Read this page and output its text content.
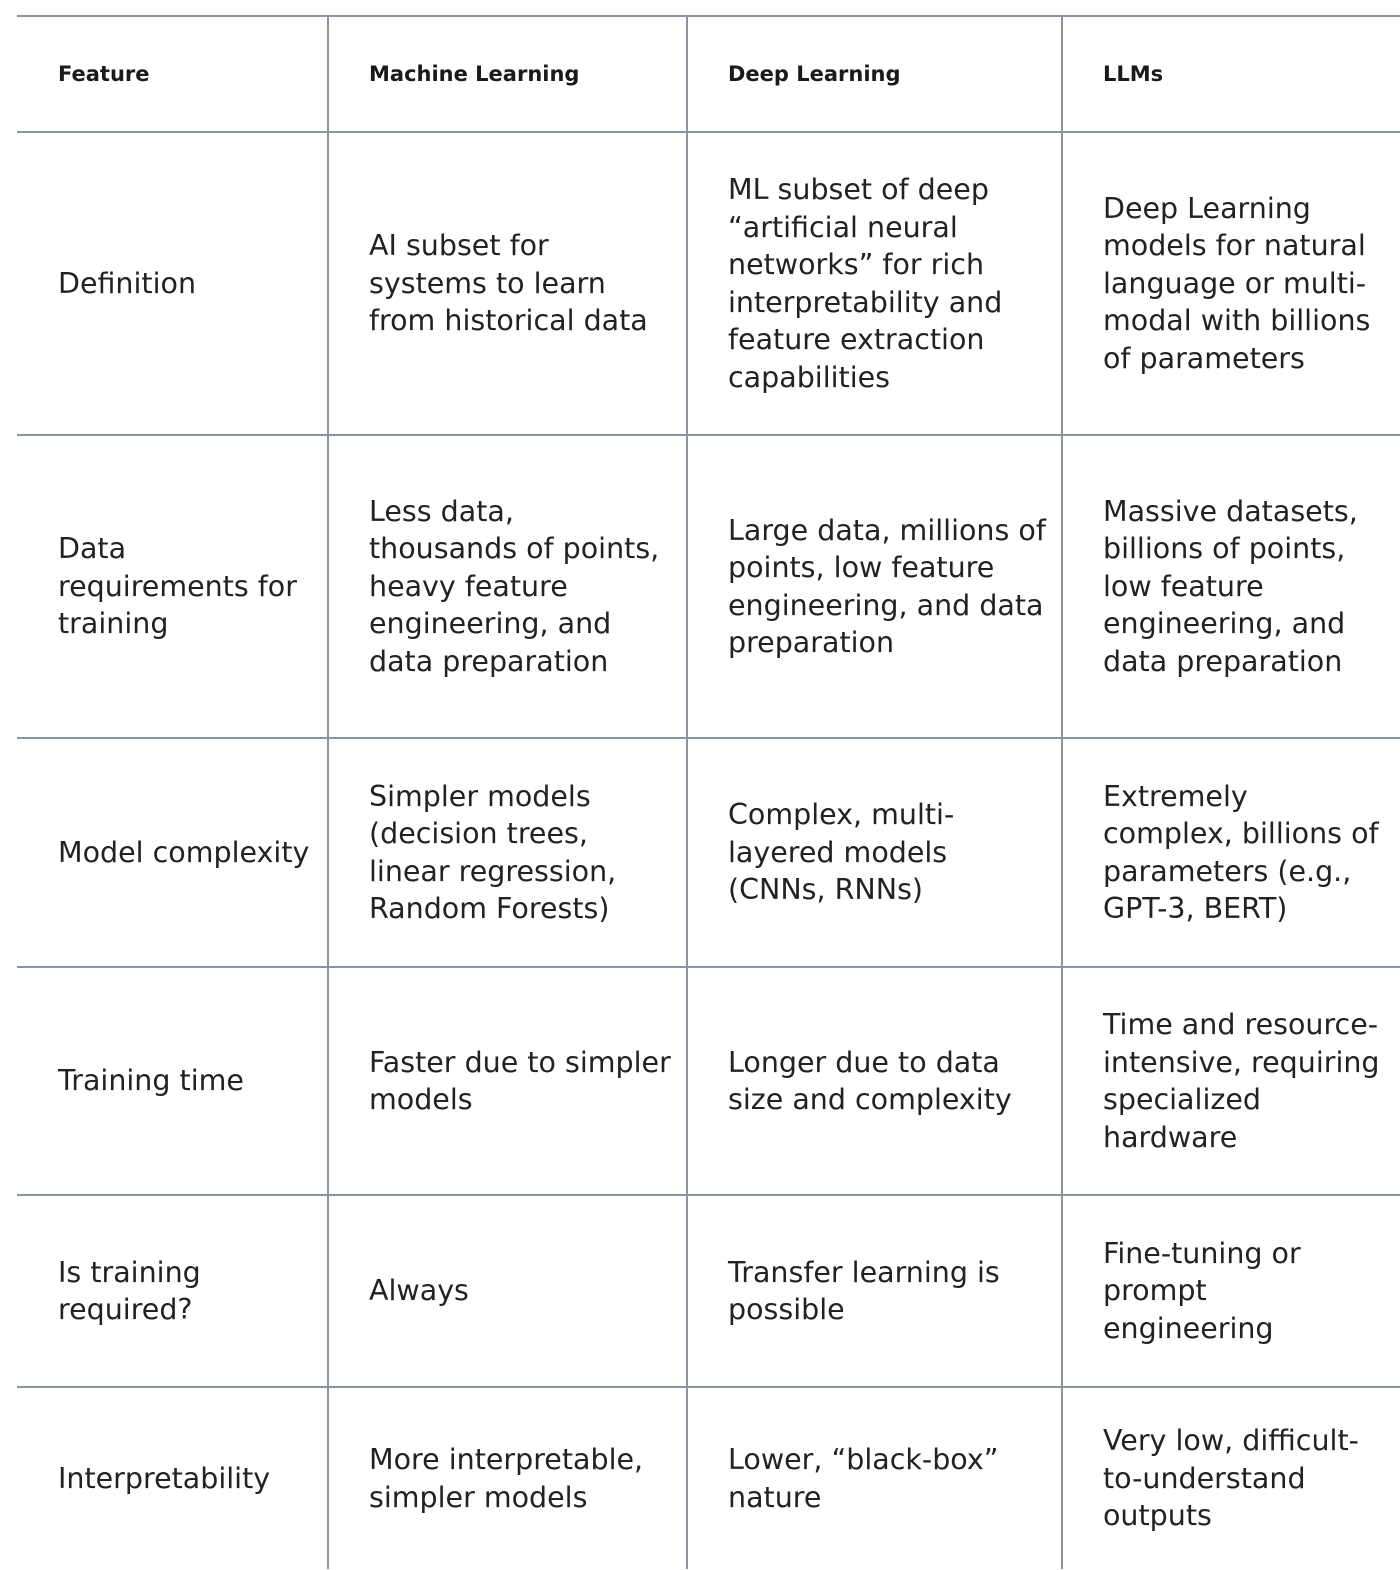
Feature	Machine Learning	Deep Learning	LLMs
Definition	AI subset for systems to learn from historical data	ML subset of deep “artificial neural networks” for rich interpretability and feature extraction capabilities	Deep Learning models for natural language or multi-modal with billions of parameters
Data requirements for training	Less data, thousands of points, heavy feature engineering, and data preparation	Large data, millions of points, low feature engineering, and data preparation	Massive datasets, billions of points, low feature engineering, and data preparation
Model complexity	Simpler models (decision trees, linear regression, Random Forests)	Complex, multi-layered models (CNNs, RNNs)	Extremely complex, billions of parameters (e.g., GPT-3, BERT)
Training time	Faster due to simpler models	Longer due to data size and complexity	Time and resource-intensive, requiring specialized hardware
Is training required?	Always	Transfer learning is possible	Fine-tuning or prompt engineering
Interpretability	More interpretable, simpler models	Lower, “black-box” nature	Very low, difficult-to-understand outputs
